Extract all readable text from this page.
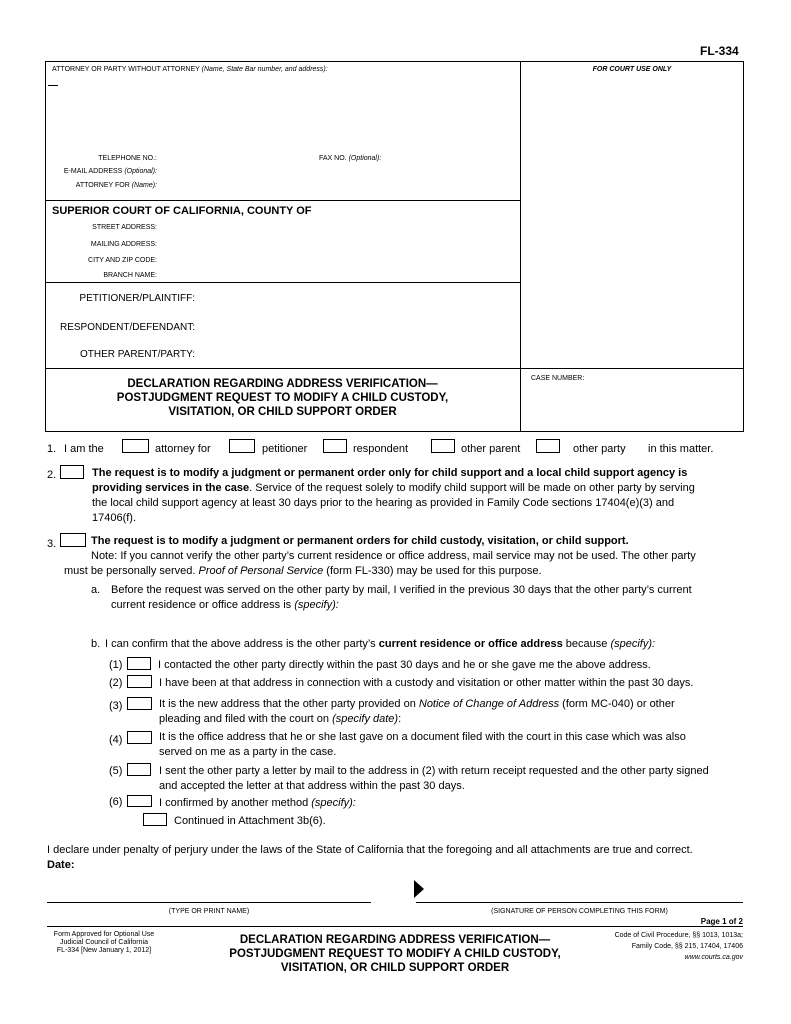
FL-334
ATTORNEY OR PARTY WITHOUT ATTORNEY (Name, State Bar number, and address):	FOR COURT USE ONLY
TELEPHONE NO.:	FAX NO. (Optional):
E-MAIL ADDRESS (Optional):
ATTORNEY FOR (Name):
SUPERIOR COURT OF CALIFORNIA, COUNTY OF
STREET ADDRESS:
MAILING ADDRESS:
CITY AND ZIP CODE:
BRANCH NAME:
PETITIONER/PLAINTIFF:
RESPONDENT/DEFENDANT:
OTHER PARENT/PARTY:
DECLARATION REGARDING ADDRESS VERIFICATION—
POSTJUDGMENT REQUEST TO MODIFY A CHILD CUSTODY,
VISITATION, OR CHILD SUPPORT ORDER
CASE NUMBER:
1. I am the	attorney for	petitioner	respondent	other parent	other party in this matter.
2.	The request is to modify a judgment or permanent order only for child support and a local child support agency is
providing services in the case. Service of the request solely to modify child support will be made on other party by serving
the local child support agency at least 30 days prior to the hearing as provided in Family Code sections 17404(e)(3) and
17406(f).
3.	The request is to modify a judgment or permanent orders for child custody, visitation, or child support.
Note: If you cannot verify the other party’s current residence or office address, mail service may not be used. The other party
must be personally served. Proof of Personal Service (form FL-330) may be used for this purpose.
a. Before the request was served on the other party by mail, I verified in the previous 30 days that the other party’s current
current residence or office address is (specify):
b. I can confirm that the above address is the other party’s current residence or office address because (specify):
(1)	I contacted the other party directly within the past 30 days and he or she gave me the above address.
(2)	I have been at that address in connection with a custody and visitation or other matter within the past 30 days.
(3)	It is the new address that the other party provided on Notice of Change of Address (form MC-040) or other
pleading and filed with the court on (specify date):
(4)	It is the office address that he or she last gave on a document filed with the court in this case which was also
served on me as a party in the case.
(5)	I sent the other party a letter by mail to the address in (2) with return receipt requested and the other party signed
and accepted the letter at that address within the past 30 days.
(6)	I confirmed by another method (specify):
Continued in Attachment 3b(6).
I declare under penalty of perjury under the laws of the State of California that the foregoing and all attachments are true and correct.
Date:
(TYPE OR PRINT NAME)	(SIGNATURE OF PERSON COMPLETING THIS FORM)
Page 1 of 2
Form Approved for Optional Use
Judicial Council of California
FL-334 [New January 1, 2012]
DECLARATION REGARDING ADDRESS VERIFICATION—
POSTJUDGMENT REQUEST TO MODIFY A CHILD CUSTODY,
VISITATION, OR CHILD SUPPORT ORDER
Code of Civil Procedure, §§ 1013, 1013a;
Family Code, §§ 215, 17404, 17406
www.courts.ca.gov
